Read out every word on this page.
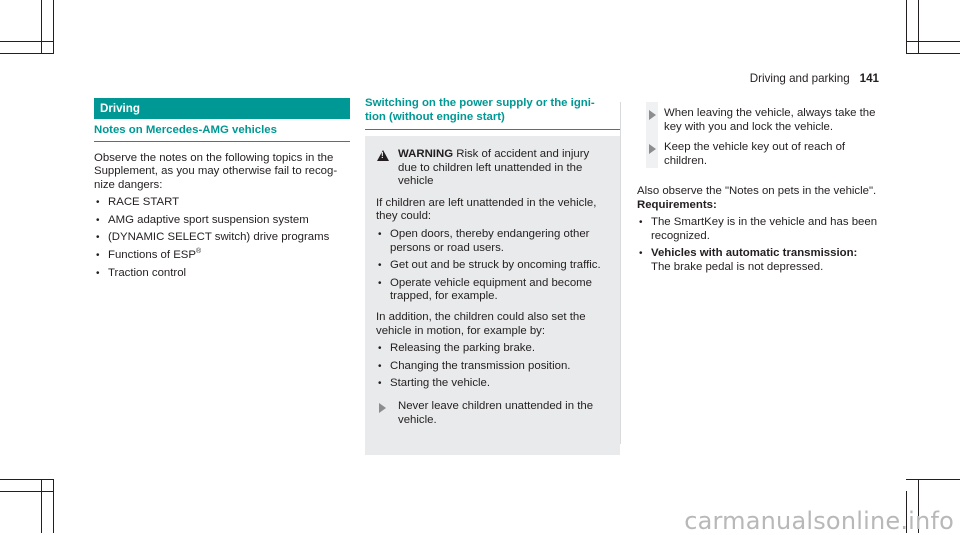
Driving and parking 141
Driving
Notes on Mercedes-AMG vehicles

Observe the notes on the following topics in the Supplement, as you may otherwise fail to recognize dangers:

• RACE START
• AMG adaptive sport suspension system
• (DYNAMIC SELECT switch) drive programs
• Functions of ESP®
• Traction control
Switching on the power supply or the igni-
tion (without engine start)
!

WARNING Risk of accident and injury due to children left unattended in the vehicle

If children are left unattended in the vehicle, they could:

• Open doors, thereby endangering other persons or road users.
• Get out and be struck by oncoming traffic.
• Operate vehicle equipment and become trapped, for example.

In addition, the children could also set the vehicle in motion, for example by:

• Releasing the parking brake.
• Changing the transmission position.
• Starting the vehicle.

Never leave children unattended in the vehicle.

When leaving the vehicle, always take the key with you and lock the vehicle.

Keep the vehicle key out of reach of children.

Also observe the "Notes on pets in the vehicle".

Requirements:

• The SmartKey is in the vehicle and has been recognized.
• Vehicles with automatic transmission:
The brake pedal is not depressed.
carmanualsonline.info
